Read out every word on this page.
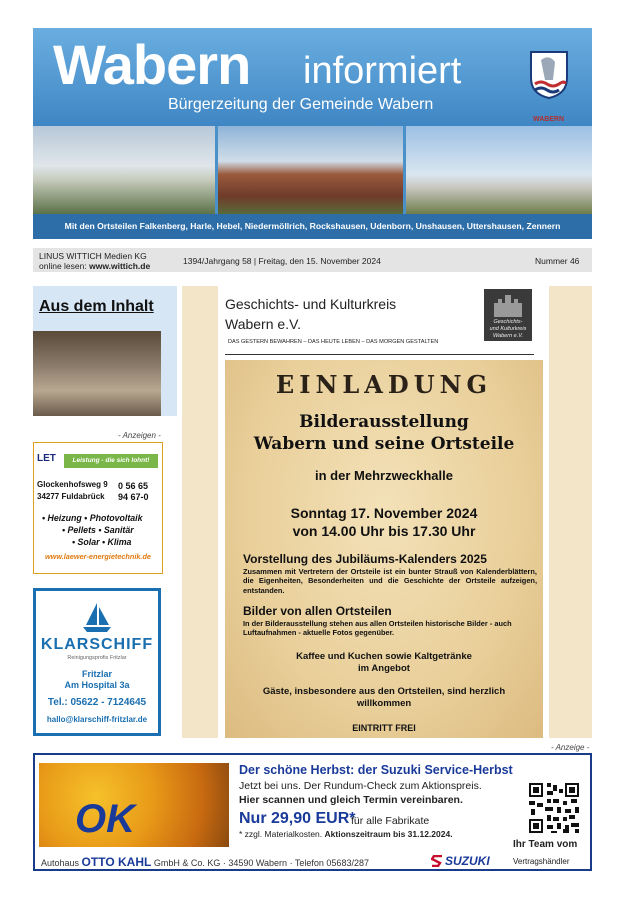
Wabern informiert
Bürgerzeitung der Gemeinde Wabern
WABERN
Mit den Ortsteilen Falkenberg, Harle, Hebel, Niedermöllrich, Rockshausen, Udenborn, Unshausen, Uttershausen, Zennern
LINUS WITTICH Medien KG
online lesen: www.wittich.de	1394/Jahrgang 58 | Freitag, den 15. November 2024	Nummer 46
Aus dem Inhalt
- Anzeigen -
LET	Leistung - die sich lohnt!
Glockenhofsweg 9
34277 Fuldabrück
0 56 65
94 67-0
• Heizung • Photovoltaik
• Pellets • Sanitär
• Solar • Klima
www.laewer-energietechnik.de
KLARSCHIFF
Reinigungsprofis Fritzlar
Fritzlar
Am Hospital 3a
Tel.: 05622 - 7124645
hallo@klarschiff-fritzlar.de
Geschichts- und Kulturkreis
Wabern e.V.
DAS GESTERN BEWAHREN – DAS HEUTE LEBEN – DAS MORGEN GESTALTEN
Geschichts-
und Kulturkreis
Wabern e.V.
EINLADUNG
Bilderausstellung
Wabern und seine Ortsteile
in der Mehrzweckhalle
Sonntag 17. November 2024
von 14.00 Uhr bis 17.30 Uhr
Vorstellung des Jubiläums-Kalenders 2025
Zusammen mit Vertretern der Ortsteile ist ein bunter Strauß von Kalenderblättern, die Eigenheiten, Besonderheiten und die Geschichte der Ortsteile aufzeigen, entstanden.
Bilder von allen Ortsteilen
In der Bilderausstellung stehen aus allen Ortsteilen historische Bilder - auch Luftaufnahmen - aktuelle Fotos gegenüber.
Kaffee und Kuchen sowie Kaltgetränke
im Angebot
Gäste, insbesondere aus den Ortsteilen, sind herzlich
willkommen
EINTRITT FREI
- Anzeige -
OK
Der schöne Herbst: der Suzuki Service-Herbst
Jetzt bei uns. Der Rundum-Check zum Aktionspreis.
Hier scannen und gleich Termin vereinbaren.
Nur 29,90 EUR*
für alle Fabrikate
* zzgl. Materialkosten. Aktionszeitraum bis 31.12.2024.
Ihr Team vom
Autohaus OTTO KAHL GmbH & Co. KG · 34590 Wabern · Telefon 05683/287	SUZUKI	Vertragshändler
